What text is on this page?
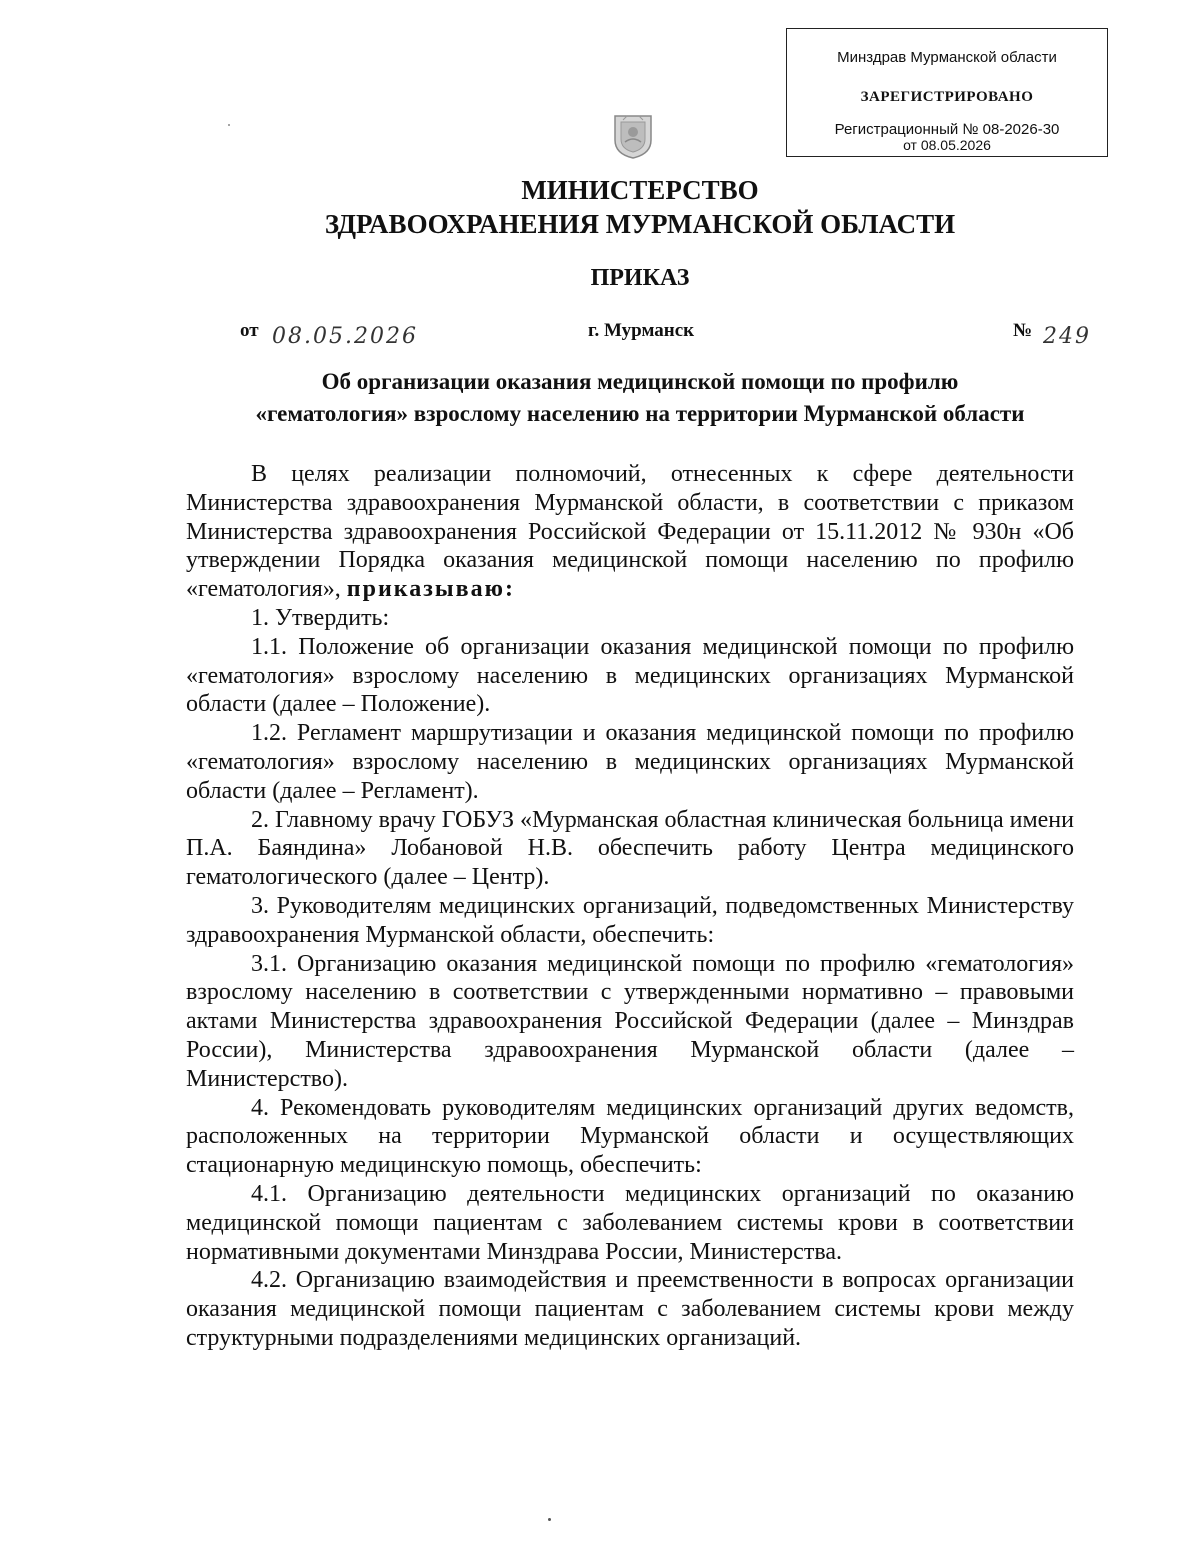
Минздрав Мурманской области
ЗАРЕГИСТРИРОВАНО
Регистрационный № 08-2026-30
от 08.05.2026
МИНИСТЕРСТВО
ЗДРАВООХРАНЕНИЯ МУРМАНСКОЙ ОБЛАСТИ
ПРИКАЗ
от 08.05.2026	г. Мурманск	№ 249
Об организации оказания медицинской помощи по профилю
«гематология» взрослому населению на территории Мурманской области

В целях реализации полномочий, отнесенных к сфере деятельности Министерства здравоохранения Мурманской области, в соответствии с приказом Министерства здравоохранения Российской Федерации от 15.11.2012 № 930н «Об утверждении Порядка оказания медицинской помощи населению по профилю «гематология», приказываю:

1. Утвердить:

1.1. Положение об организации оказания медицинской помощи по профилю «гематология» взрослому населению в медицинских организациях Мурманской области (далее – Положение).

1.2. Регламент маршрутизации и оказания медицинской помощи по профилю «гематология» взрослому населению в медицинских организациях Мурманской области (далее – Регламент).

2. Главному врачу ГОБУЗ «Мурманская областная клиническая больница имени П.А. Баяндина» Лобановой Н.В. обеспечить работу Центра медицинского гематологического (далее – Центр).

3. Руководителям медицинских организаций, подведомственных Министерству здравоохранения Мурманской области, обеспечить:

3.1. Организацию оказания медицинской помощи по профилю «гематология» взрослому населению в соответствии с утвержденными нормативно – правовыми актами Министерства здравоохранения Российской Федерации (далее – Минздрав России), Министерства здравоохранения Мурманской области (далее – Министерство).

4. Рекомендовать руководителям медицинских организаций других ведомств, расположенных на территории Мурманской области и осуществляющих стационарную медицинскую помощь, обеспечить:

4.1. Организацию деятельности медицинских организаций по оказанию медицинской помощи пациентам с заболеванием системы крови в соответствии нормативными документами Минздрава России, Министерства.

4.2. Организацию взаимодействия и преемственности в вопросах организации оказания медицинской помощи пациентам с заболеванием системы крови между структурными подразделениями медицинских организаций.
